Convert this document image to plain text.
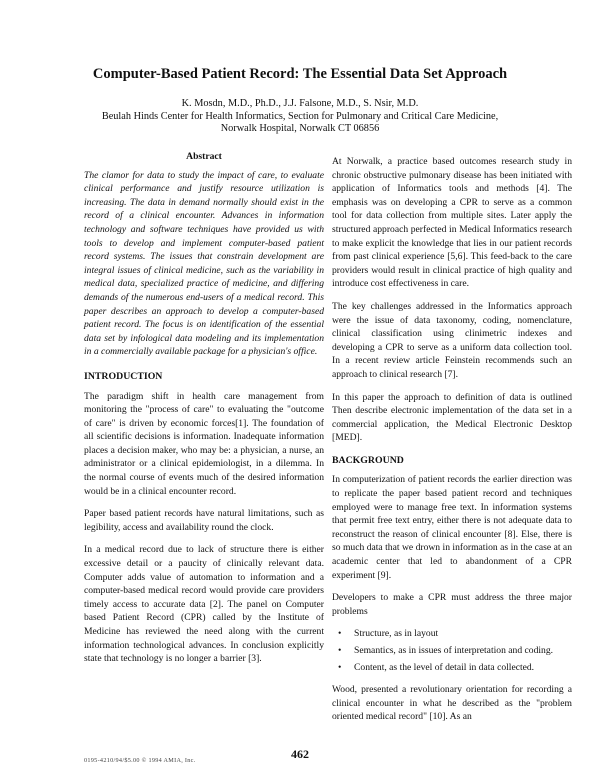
Computer-Based Patient Record: The Essential Data Set Approach
K. Mosdn, M.D., Ph.D., J.J. Falsone, M.D., S. Nsir, M.D.
Beulah Hinds Center for Health Informatics, Section for Pulmonary and Critical Care Medicine,
Norwalk Hospital, Norwalk CT 06856
Abstract

The clamor for data to study the impact of care, to evaluate clinical performance and justify resource utilization is increasing. The data in demand normally should exist in the record of a clinical encounter. Advances in information technology and software techniques have provided us with tools to develop and implement computer-based patient record systems. The issues that constrain development are integral issues of clinical medicine, such as the variability in medical data, specialized practice of medicine, and differing demands of the numerous end-users of a medical record. This paper describes an approach to develop a computer-based patient record. The focus is on identification of the essential data set by infological data modeling and its implementation in a commercially available package for a physician's office.

INTRODUCTION

The paradigm shift in health care management from monitoring the "process of care" to evaluating the "outcome of care" is driven by economic forces[1]. The foundation of all scientific decisions is information. Inadequate information places a decision maker, who may be: a physician, a nurse, an administrator or a clinical epidemiologist, in a dilemma. In the normal course of events much of the desired information would be in a clinical encounter record.

Paper based patient records have natural limitations, such as legibility, access and availability round the clock.

In a medical record due to lack of structure there is either excessive detail or a paucity of clinically relevant data. Computer adds value of automation to information and a computer-based medical record would provide care providers timely access to accurate data [2]. The panel on Computer based Patient Record (CPR) called by the Institute of Medicine has reviewed the need along with the current information technological advances. In conclusion explicitly state that technology is no longer a barrier [3].

At Norwalk, a practice based outcomes research study in chronic obstructive pulmonary disease has been initiated with application of Informatics tools and methods [4]. The emphasis was on developing a CPR to serve as a common tool for data collection from multiple sites. Later apply the structured approach perfected in Medical Informatics research to make explicit the knowledge that lies in our patient records from past clinical experience [5,6]. This feed-back to the care providers would result in clinical practice of high quality and introduce cost effectiveness in care.

The key challenges addressed in the Informatics approach were the issue of data taxonomy, coding, nomenclature, clinical classification using clinimetric indexes and developing a CPR to serve as a uniform data collection tool. In a recent review article Feinstein recommends such an approach to clinical research [7].

In this paper the approach to definition of data is outlined Then describe electronic implementation of the data set in a commercial application, the Medical Electronic Desktop [MED].

BACKGROUND

In computerization of patient records the earlier direction was to replicate the paper based patient record and techniques employed were to manage free text. In information systems that permit free text entry, either there is not adequate data to reconstruct the reason of clinical encounter [8]. Else, there is so much data that we drown in information as in the case at an academic center that led to abandonment of a CPR experiment [9].

Developers to make a CPR must address the three major problems

• Structure, as in layout
• Semantics, as in issues of interpretation and coding.
• Content, as the level of detail in data collected.

Wood, presented a revolutionary orientation for recording a clinical encounter in what he described as the "problem oriented medical record" [10]. As an

0195-4210/94/$5.00 © 1994 AMIA, Inc.	462
